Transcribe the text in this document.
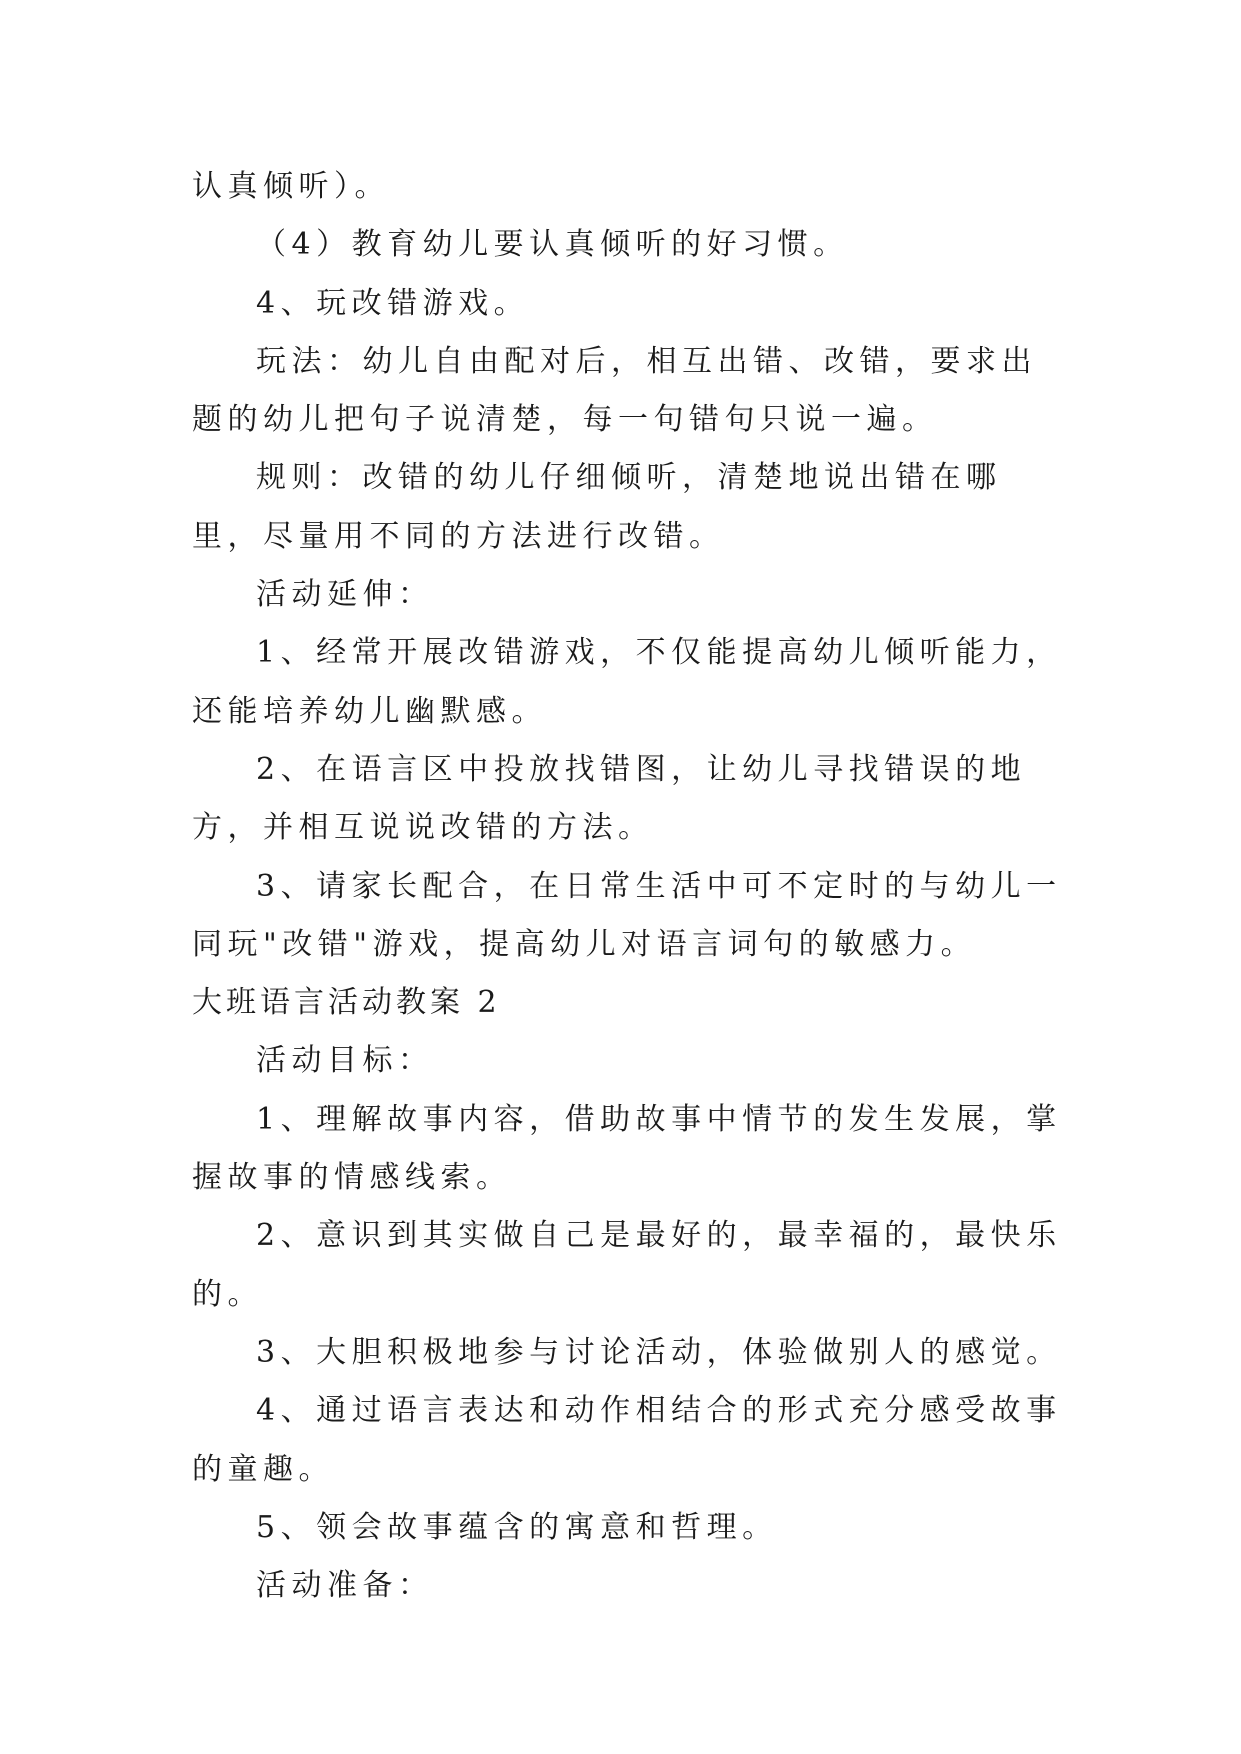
认真倾听）。

（4）教育幼儿要认真倾听的好习惯。

4、玩改错游戏。

玩法：幼儿自由配对后，相互出错、改错，要求出题的幼儿把句子说清楚，每一句错句只说一遍。

规则：改错的幼儿仔细倾听，清楚地说出错在哪里，尽量用不同的方法进行改错。

活动延伸：

1、经常开展改错游戏，不仅能提高幼儿倾听能力，还能培养幼儿幽默感。

2、在语言区中投放找错图，让幼儿寻找错误的地方，并相互说说改错的方法。

3、请家长配合，在日常生活中可不定时的与幼儿一同玩"改错"游戏，提高幼儿对语言词句的敏感力。

大班语言活动教案 2

活动目标：

1、理解故事内容，借助故事中情节的发生发展，掌握故事的情感线索。

2、意识到其实做自己是最好的，最幸福的，最快乐的。

3、大胆积极地参与讨论活动，体验做别人的感觉。

4、通过语言表达和动作相结合的形式充分感受故事的童趣。

5、领会故事蕴含的寓意和哲理。

活动准备：
